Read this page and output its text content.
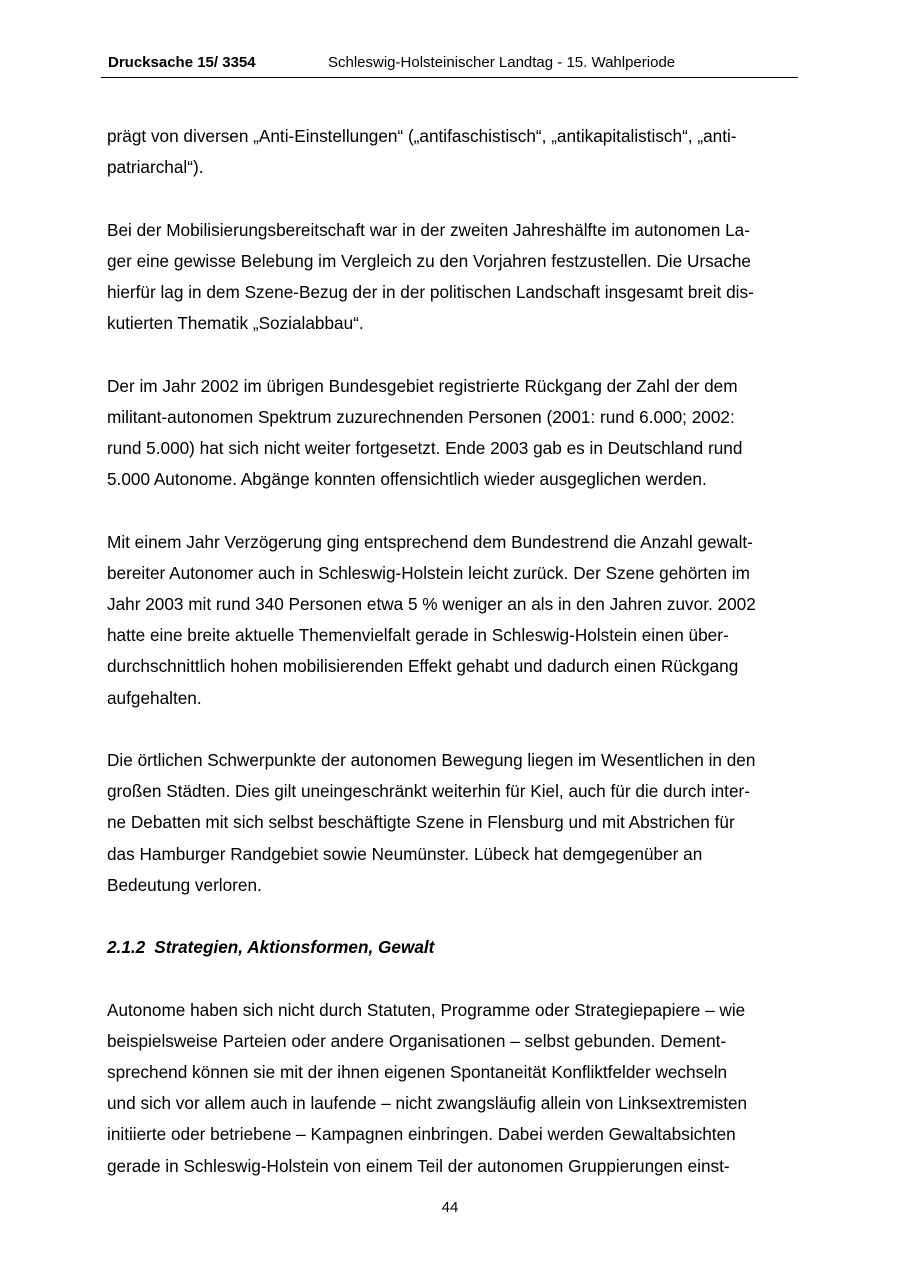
Drucksache 15/ 3354	Schleswig-Holsteinischer Landtag - 15. Wahlperiode

prägt von diversen „Anti-Einstellungen“ („antifaschistisch“, „antikapitalistisch“, „anti-
patriarchal“).

Bei der Mobilisierungsbereitschaft war in der zweiten Jahreshälfte im autonomen La-
ger eine gewisse Belebung im Vergleich zu den Vorjahren festzustellen. Die Ursache
hierfür lag in dem Szene-Bezug der in der politischen Landschaft insgesamt breit dis-
kutierten Thematik „Sozialabbau“.

Der im Jahr 2002 im übrigen Bundesgebiet registrierte Rückgang der Zahl der dem
militant-autonomen Spektrum zuzurechnenden Personen (2001: rund 6.000; 2002:
rund 5.000) hat sich nicht weiter fortgesetzt. Ende 2003 gab es in Deutschland rund
5.000 Autonome. Abgänge konnten offensichtlich wieder ausgeglichen werden.

Mit einem Jahr Verzögerung ging entsprechend dem Bundestrend die Anzahl gewalt-
bereiter Autonomer auch in Schleswig-Holstein leicht zurück. Der Szene gehörten im
Jahr 2003 mit rund 340 Personen etwa 5 % weniger an als in den Jahren zuvor. 2002
hatte eine breite aktuelle Themenvielfalt gerade in Schleswig-Holstein einen über-
durchschnittlich hohen mobilisierenden Effekt gehabt und dadurch einen Rückgang
aufgehalten.

Die örtlichen Schwerpunkte der autonomen Bewegung liegen im Wesentlichen in den
großen Städten. Dies gilt uneingeschränkt weiterhin für Kiel, auch für die durch inter-
ne Debatten mit sich selbst beschäftigte Szene in Flensburg und mit Abstrichen für
das Hamburger Randgebiet sowie Neumünster. Lübeck hat demgegenüber an
Bedeutung verloren.

2.1.2 Strategien, Aktionsformen, Gewalt

Autonome haben sich nicht durch Statuten, Programme oder Strategiepapiere – wie
beispielsweise Parteien oder andere Organisationen – selbst gebunden. Dement-
sprechend können sie mit der ihnen eigenen Spontaneität Konfliktfelder wechseln
und sich vor allem auch in laufende – nicht zwangsläufig allein von Linksextremisten
initiierte oder betriebene – Kampagnen einbringen. Dabei werden Gewaltabsichten
gerade in Schleswig-Holstein von einem Teil der autonomen Gruppierungen einst-

44
